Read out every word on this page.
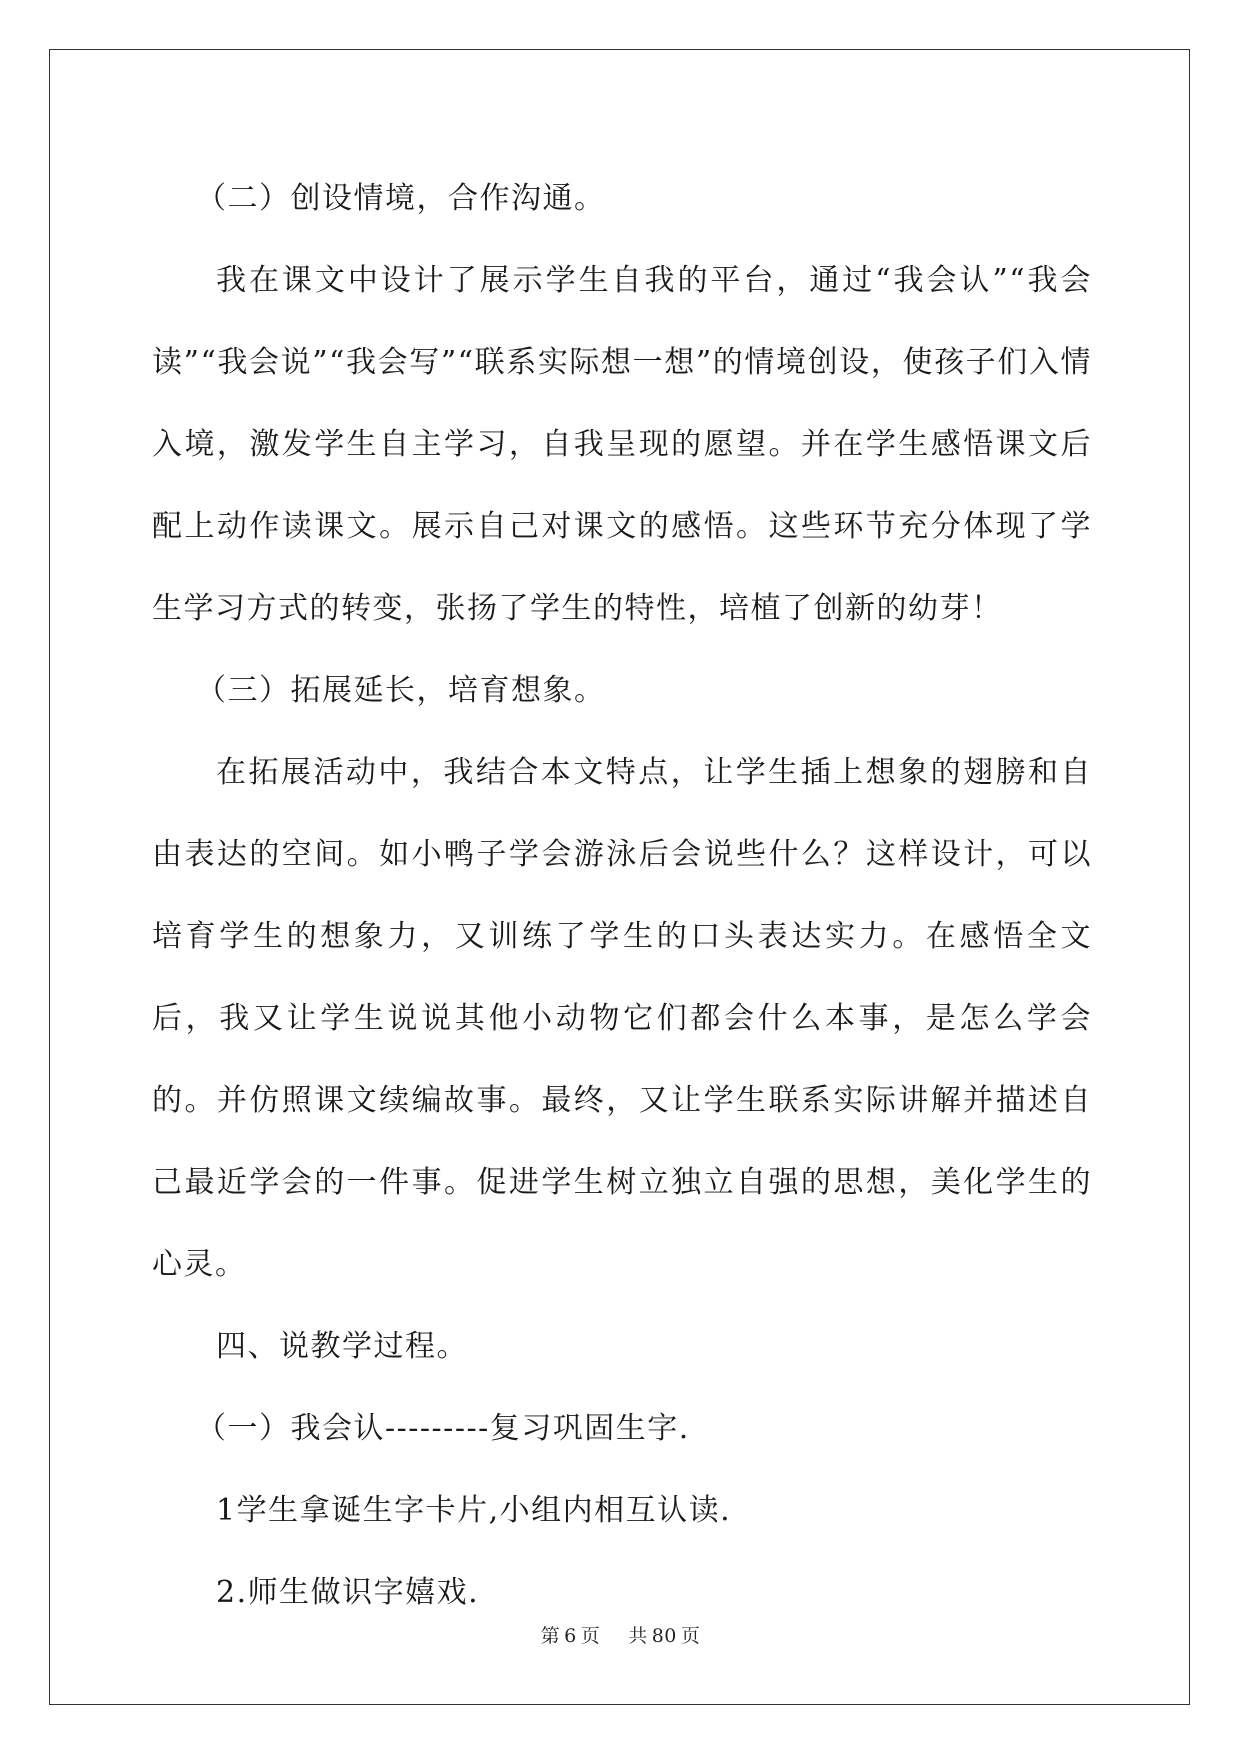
（二）创设情境，合作沟通。

我在课文中设计了展示学生自我的平台，通过“我会认”“我会读”“我会说”“我会写”“联系实际想一想”的情境创设，使孩子们入情入境，激发学生自主学习，自我呈现的愿望。并在学生感悟课文后配上动作读课文。展示自己对课文的感悟。这些环节充分体现了学生学习方式的转变，张扬了学生的特性，培植了创新的幼芽！

（三）拓展延长，培育想象。

在拓展活动中，我结合本文特点，让学生插上想象的翅膀和自由表达的空间。如小鸭子学会游泳后会说些什么？这样设计，可以培育学生的想象力，又训练了学生的口头表达实力。在感悟全文后，我又让学生说说其他小动物它们都会什么本事，是怎么学会的。并仿照课文续编故事。最终，又让学生联系实际讲解并描述自己最近学会的一件事。促进学生树立独立自强的思想，美化学生的心灵。

四、说教学过程。

（一）我会认---------复习巩固生字.

1学生拿诞生字卡片,小组内相互认读.

2.师生做识字嬉戏.

第 6 页 共 80 页
